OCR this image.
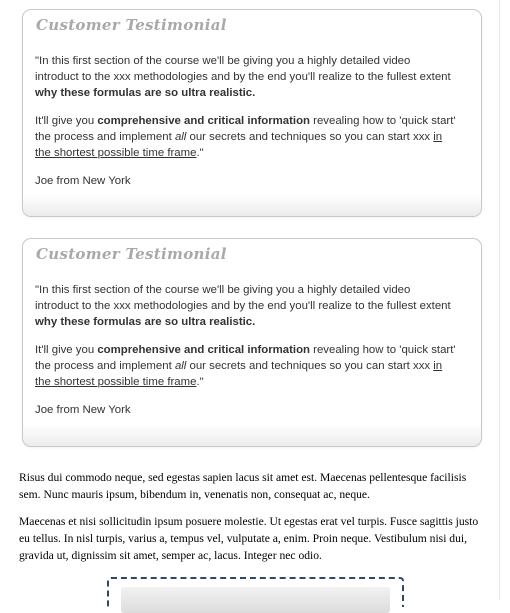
Customer Testimonial

"In this first section of the course we'll be giving you a highly detailed video introduct to the xxx methodologies and by the end you'll realize to the fullest extent why these formulas are so ultra realistic.

It'll give you comprehensive and critical information revealing how to 'quick start' the process and implement all our secrets and techniques so you can start xxx in the shortest possible time frame."

Joe from New York

Customer Testimonial

"In this first section of the course we'll be giving you a highly detailed video introduct to the xxx methodologies and by the end you'll realize to the fullest extent why these formulas are so ultra realistic.

It'll give you comprehensive and critical information revealing how to 'quick start' the process and implement all our secrets and techniques so you can start xxx in the shortest possible time frame."

Joe from New York

Risus dui commodo neque, sed egestas sapien lacus sit amet est. Maecenas pellentesque facilisis sem. Nunc mauris ipsum, bibendum in, venenatis non, consequat ac, neque.

Maecenas et nisi sollicitudin ipsum posuere molestie. Ut egestas erat vel turpis. Fusce sagittis justo eu tellus. In nisl turpis, varius a, tempus vel, vulputate a, enim. Proin neque. Vestibulum nisi dui, gravida ut, dignissim sit amet, semper ac, lacus. Integer nec odio.
